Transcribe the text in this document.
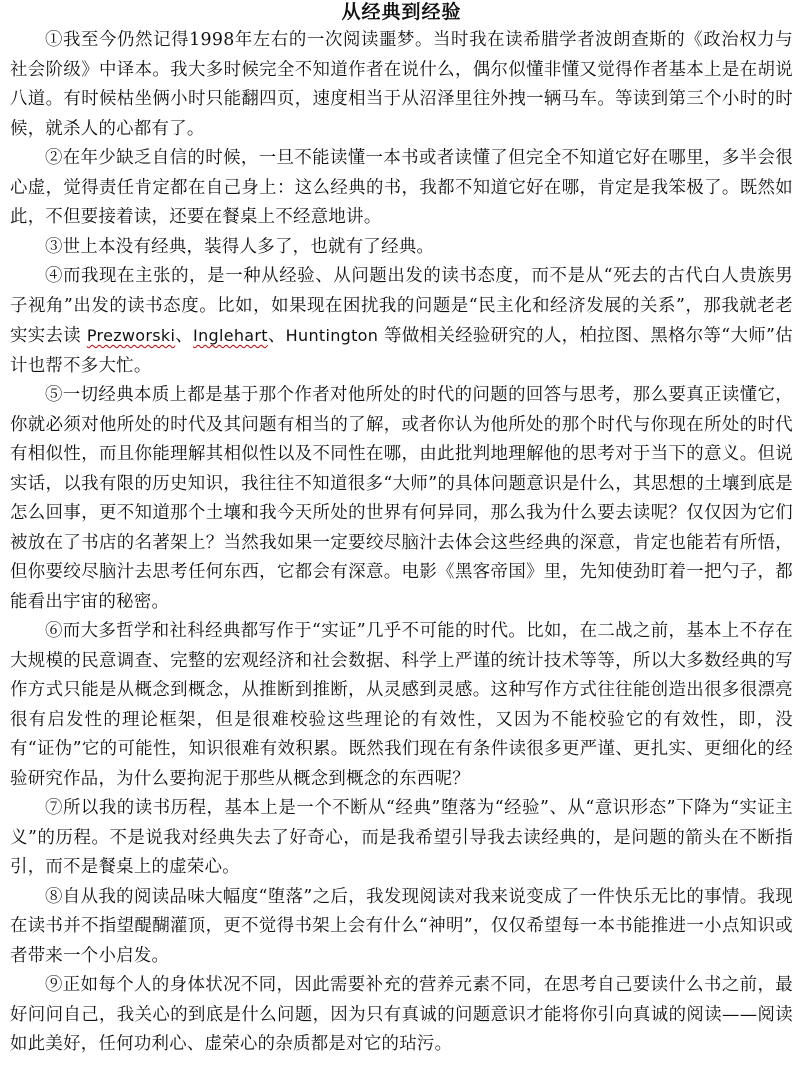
从经典到经验

①我至今仍然记得1998年左右的一次阅读噩梦。当时我在读希腊学者波朗查斯的《政治权力与社会阶级》中译本。我大多时候完全不知道作者在说什么，偶尔似懂非懂又觉得作者基本上是在胡说八道。有时候枯坐俩小时只能翻四页，速度相当于从沼泽里往外拽一辆马车。等读到第三个小时的时候，就杀人的心都有了。

②在年少缺乏自信的时候，一旦不能读懂一本书或者读懂了但完全不知道它好在哪里，多半会很心虚，觉得责任肯定都在自己身上：这么经典的书，我都不知道它好在哪，肯定是我笨极了。既然如此，不但要接着读，还要在餐桌上不经意地讲。

③世上本没有经典，装得人多了，也就有了经典。

④而我现在主张的，是一种从经验、从问题出发的读书态度，而不是从“死去的古代白人贵族男子视角”出发的读书态度。比如，如果现在困扰我的问题是“民主化和经济发展的关系”，那我就老老实实去读 Prezworski、Inglehart、Huntington 等做相关经验研究的人，柏拉图、黑格尔等“大师”估计也帮不多大忙。

⑤一切经典本质上都是基于那个作者对他所处的时代的问题的回答与思考，那么要真正读懂它，你就必须对他所处的时代及其问题有相当的了解，或者你认为他所处的那个时代与你现在所处的时代有相似性，而且你能理解其相似性以及不同性在哪，由此批判地理解他的思考对于当下的意义。但说实话，以我有限的历史知识，我往往不知道很多“大师”的具体问题意识是什么，其思想的土壤到底是怎么回事，更不知道那个土壤和我今天所处的世界有何异同，那么我为什么要去读呢？仅仅因为它们被放在了书店的名著架上？当然我如果一定要绞尽脑汁去体会这些经典的深意，肯定也能若有所悟，但你要绞尽脑汁去思考任何东西，它都会有深意。电影《黑客帝国》里，先知使劲盯着一把勺子，都能看出宇宙的秘密。

⑥而大多哲学和社科经典都写作于“实证”几乎不可能的时代。比如，在二战之前，基本上不存在大规模的民意调查、完整的宏观经济和社会数据、科学上严谨的统计技术等等，所以大多数经典的写作方式只能是从概念到概念，从推断到推断，从灵感到灵感。这种写作方式往往能创造出很多很漂亮很有启发性的理论框架，但是很难校验这些理论的有效性，又因为不能校验它的有效性，即，没有“证伪”它的可能性，知识很难有效积累。既然我们现在有条件读很多更严谨、更扎实、更细化的经验研究作品，为什么要拘泥于那些从概念到概念的东西呢？

⑦所以我的读书历程，基本上是一个不断从“经典”堕落为“经验”、从“意识形态”下降为“实证主义”的历程。不是说我对经典失去了好奇心，而是我希望引导我去读经典的，是问题的箭头在不断指引，而不是餐桌上的虚荣心。

⑧自从我的阅读品味大幅度“堕落”之后，我发现阅读对我来说变成了一件快乐无比的事情。我现在读书并不指望醍醐灌顶，更不觉得书架上会有什么“神明”，仅仅希望每一本书能推进一小点知识或者带来一个小启发。

⑨正如每个人的身体状况不同，因此需要补充的营养元素不同，在思考自己要读什么书之前，最好问问自己，我关心的到底是什么问题，因为只有真诚的问题意识才能将你引向真诚的阅读——阅读如此美好，任何功利心、虚荣心的杂质都是对它的玷污。
